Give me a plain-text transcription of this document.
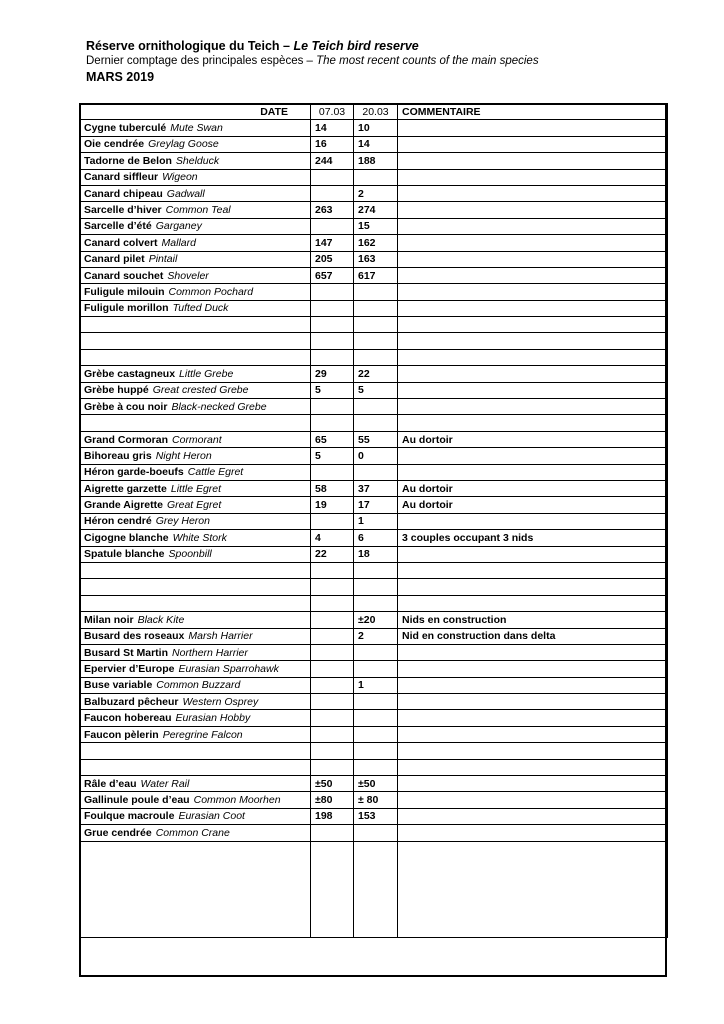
Réserve ornithologique du Teich – Le Teich bird reserve
Dernier comptage des principales espèces – The most recent counts of the main species
MARS 2019
DATE	07.03	20.03	COMMENTAIRE
Cygne tuberculé Mute Swan	14	10	
Oie cendrée Greylag Goose	16	14	
Tadorne de Belon Shelduck	244	188	
Canard siffleur Wigeon			
Canard chipeau Gadwall		2	
Sarcelle d’hiver Common Teal	263	274	
Sarcelle d’été Garganey		15	
Canard colvert Mallard	147	162	
Canard pilet Pintail	205	163	
Canard souchet Shoveler	657	617	
Fuligule milouin Common Pochard			
Fuligule morillon Tufted Duck			

Grèbe castagneux Little Grebe	29	22	
Grèbe huppé Great crested Grebe	5	5	
Grèbe à cou noir Black-necked Grebe			

Grand Cormoran Cormorant	65	55	Au dortoir
Bihoreau gris Night Heron	5	0	
Héron garde-boeufs Cattle Egret			
Aigrette garzette Little Egret	58	37	Au dortoir
Grande Aigrette Great Egret	19	17	Au dortoir
Héron cendré Grey Heron		1	
Cigogne blanche White Stork	4	6	3 couples occupant 3 nids
Spatule blanche Spoonbill	22	18	

Milan noir Black Kite		±20	Nids en construction
Busard des roseaux Marsh Harrier		2	Nid en construction dans delta
Busard St Martin Northern Harrier			
Epervier d’Europe Eurasian Sparrohawk			
Buse variable Common Buzzard		1	
Balbuzard pêcheur Western Osprey			
Faucon hobereau Eurasian Hobby			
Faucon pèlerin Peregrine Falcon			

Râle d’eau Water Rail	±50	±50	
Gallinule poule d’eau Common Moorhen	±80	± 80	
Foulque macroule Eurasian Coot	198	153	
Grue cendrée Common Crane			
